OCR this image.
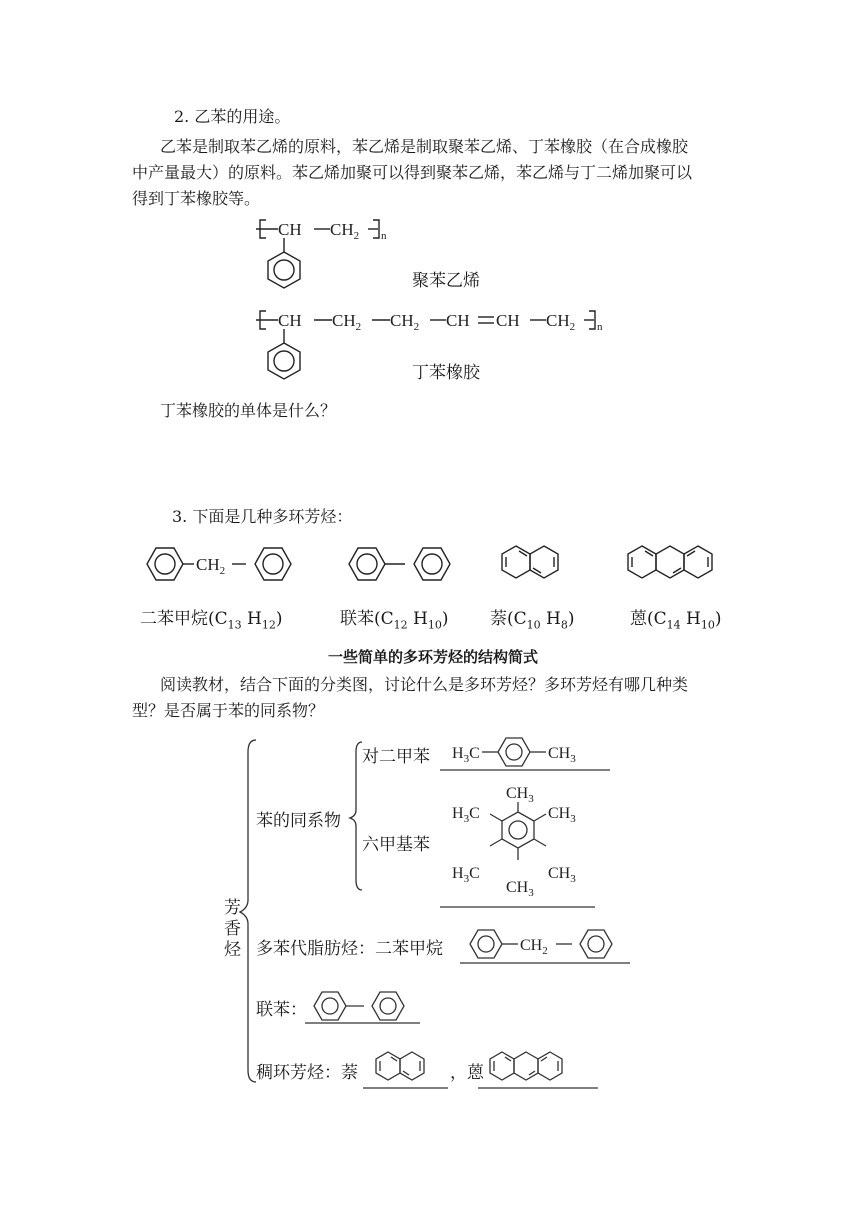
2. 乙苯的用途。
乙苯是制取苯乙烯的原料，苯乙烯是制取聚苯乙烯、丁苯橡胶（在合成橡胶
中产量最大）的原料。苯乙烯加聚可以得到聚苯乙烯，苯乙烯与丁二烯加聚可以
得到丁苯橡胶等。
CH $CH_2$ n
CH $CH_2$ $CH_2$ CH CH $CH_2$ n
聚苯乙烯
丁苯橡胶
丁苯橡胶的单体是什么？
3. 下面是几种多环芳烃：
$CH_2$
二苯甲烷($C_{13}$ $H_{12}$)	联苯($C_{12}$ $H_{10}$) 萘($C_{10}$ $H_8$)	蒽($C_{14}$ $H_{10}$)
一些简单的多环芳烃的结构简式
阅读教材，结合下面的分类图，讨论什么是多环芳烃？多环芳烃有哪几种类
型？是否属于苯的同系物？
$H_3C$	$CH_3$
$CH_3$
$H_3C$	$CH_3$
$H_3C$	$CH_3$
$CH_3$
$CH_2$
芳香烃
苯的同系物
对二甲苯
六甲基苯
多苯代脂肪烃：二苯甲烷
联苯：
稠环芳烃：萘	，蒽
